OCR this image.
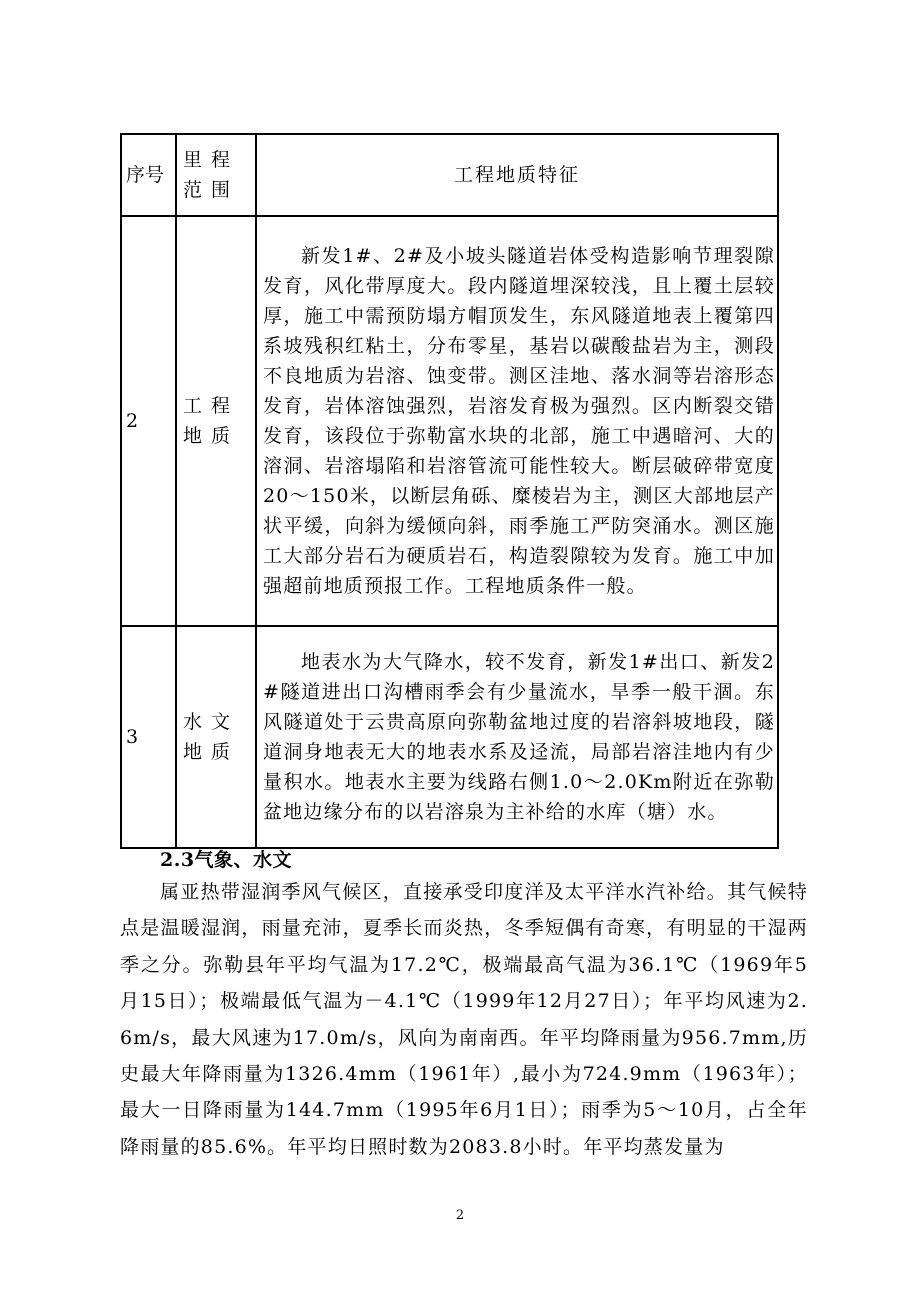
序号	里程范围	工程地质特征
2	工程地质	新发1#、2#及小坡头隧道岩体受构造影响节理裂隙发育，风化带厚度大。段内隧道埋深较浅，且上覆土层较厚，施工中需预防塌方帽顶发生，东风隧道地表上覆第四系坡残积红粘土，分布零星，基岩以碳酸盐岩为主，测段不良地质为岩溶、蚀变带。测区洼地、落水洞等岩溶形态发育，岩体溶蚀强烈，岩溶发育极为强烈。区内断裂交错发育，该段位于弥勒富水块的北部，施工中遇暗河、大的溶洞、岩溶塌陷和岩溶管流可能性较大。断层破碎带宽度20～150米，以断层角砾、糜棱岩为主，测区大部地层产状平缓，向斜为缓倾向斜，雨季施工严防突涌水。测区施工大部分岩石为硬质岩石，构造裂隙较为发育。施工中加强超前地质预报工作。工程地质条件一般。
3	水文地质	地表水为大气降水，较不发育，新发1#出口、新发2#隧道进出口沟槽雨季会有少量流水，旱季一般干涸。东风隧道处于云贵高原向弥勒盆地过度的岩溶斜坡地段，隧道洞身地表无大的地表水系及迳流，局部岩溶洼地内有少量积水。地表水主要为线路右侧1.0～2.0Km附近在弥勒盆地边缘分布的以岩溶泉为主补给的水库（塘）水。
2.3气象、水文
属亚热带湿润季风气候区，直接承受印度洋及太平洋水汽补给。其气候特点是温暖湿润，雨量充沛，夏季长而炎热，冬季短偶有奇寒，有明显的干湿两季之分。弥勒县年平均气温为17.2℃，极端最高气温为36.1℃（1969年5月15日）；极端最低气温为－4.1℃（1999年12月27日）；年平均风速为2.6m/s，最大风速为17.0m/s，风向为南南西。年平均降雨量为956.7mm,历史最大年降雨量为1326.4mm（1961年）,最小为724.9mm（1963年）；最大一日降雨量为144.7mm（1995年6月1日）；雨季为5～10月，占全年降雨量的85.6%。年平均日照时数为2083.8小时。年平均蒸发量为
2
